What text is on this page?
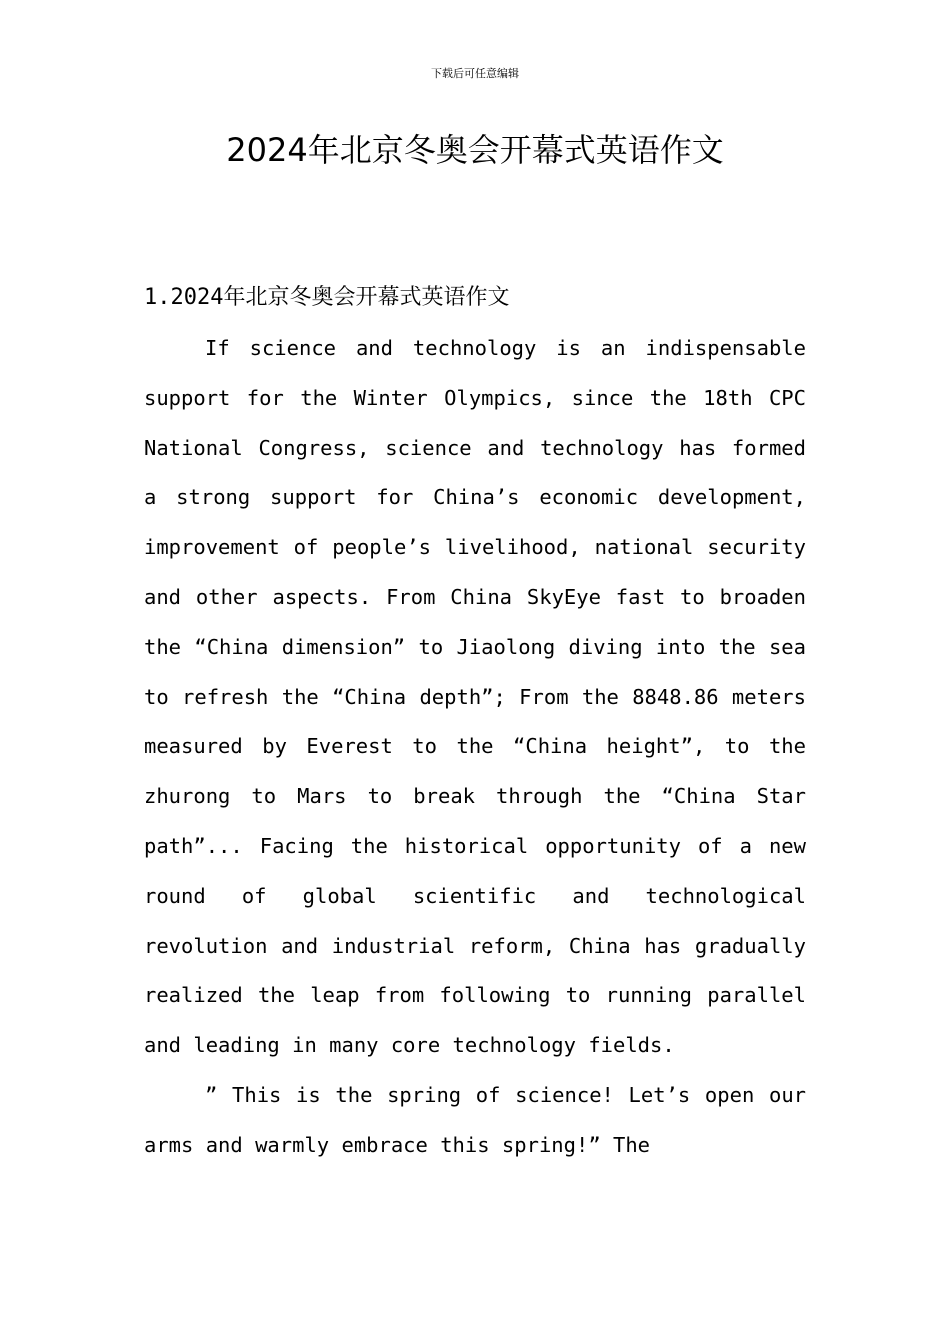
下载后可任意编辑
2024年北京冬奥会开幕式英语作文
1.2024年北京冬奥会开幕式英语作文

If science and technology is an indispensable support for the Winter Olympics, since the 18th CPC National Congress, science and technology has formed a strong support for China’s economic development, improvement of people’s livelihood, national security and other aspects. From China SkyEye fast to broaden the “China dimension” to Jiaolong diving into the sea to refresh the “China depth”; From the 8848.86 meters measured by Everest to the “China height”, to the zhurong to Mars to break through the “China Star path”... Facing the historical opportunity of a new round of global scientific and technological revolution and industrial reform, China has gradually realized the leap from following to running parallel and leading in many core technology fields.

” This is the spring of science! Let’s open our arms and warmly embrace this spring!” The
